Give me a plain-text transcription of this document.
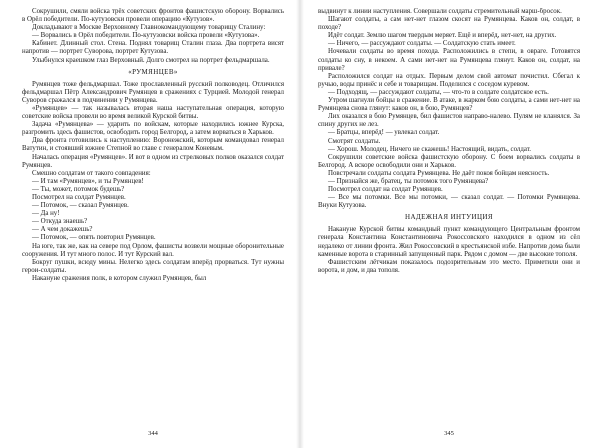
Сокрушили, смяли войска трёх советских фронтов фашистскую оборону. Ворвались в Орёл победители. По-кутузовски провели операцию «Кутузов».

Докладывают в Москве Верховному Главнокомандующему товарищу Сталину:

— Ворвались в Орёл победители. По-кутузовски войска провели «Кутузова».

Кабинет. Длинный стол. Стена. Поднял товарищ Сталин глаза. Два портрета висят напротив — портрет Суворова, портрет Кутузова.

Улыбнулся краешком глаз Верховный. Долго смотрел на портрет фельдмаршала.

«РУМЯНЦЕВ»

Румянцев тоже фельдмаршал. Тоже прославленный русский полководец. Отличился фельдмаршал Пётр Александрович Румянцев в сражениях с Турцией. Молодой генерал Суворов сражался в подчинении у Румянцева.

«Румянцев» — так называлась вторая наша наступательная операция, которую советские войска провели во время великой Курской битвы.

Задача «Румянцева» — ударить по войскам, которые находились южнее Курска, разгромить здесь фашистов, освободить город Белгород, а затем ворваться в Харьков.

Два фронта готовились к наступлению: Воронежский, которым командовал генерал Ватутин, и стоявший южнее Степной во главе с генералом Коневым.

Началась операция «Румянцев». И вот в одном из стрелковых полков оказался солдат Румянцев.

Смешно солдатам от такого совпадения:

— И там «Румянцев», и ты Румянцев!

— Ты, может, потомок будешь?

Посмотрел на солдат Румянцев.

— Потомок, — сказал Румянцев.

— Да ну!

— Откуда знаешь?

— А чем докажешь?

— Потомок, — опять повторил Румянцев.

На юге, так же, как на севере под Орлом, фашисты возвели мощные оборонительные сооружения. И тут много полос. И тут Курский вал.

Бокруг пушки, всюду мины. Нелегко здесь солдатам вперёд прорваться. Тут нужны герои-солдаты.

Накануне сражения полк, в котором служил Румянцев, был

344

выдвинут к линии наступления. Совершали солдаты стремительный марш-бросок.

Шагают солдаты, а сам нет-нет глазом скосят на Румянцева. Каков он, солдат, в походе?

Идёт солдат. Землю шагом твердым меряет. Ещё и вперёд, нет-нет, на других.

— Ничего, — рассуждают солдаты. — Солдатскую стать имеет.

Ночевали солдаты во время похода. Расположились в степи, в овраге. Готовятся солдаты ко сну, в некоем. А сами нет-нет на Румянцева глянут. Каков он, солдат, на привале?

Расположился солдат на отдых. Первым делом свой автомат почистил. Сбегал к ручью, воды принёс и себе и товарищам. Поделился с соседом куревом.

— Подходящ, — рассуждают солдаты, — что-то в солдате солдатское есть.

Утром шагнули бойцы в сражение. В атаке, в жарком бою солдаты, а сами нет-нет на Румянцева снова глянут: каков он, в бою, Румянцев?

Лих оказался в бою Румянцев, бил фашистов направо-налево. Пулям не кланялся. За спину других не лез.

— Братцы, вперёд! — увлекал солдат.

Смотрят солдаты.

— Хорош. Молодец. Ничего не скажешь! Настоящий, видать, солдат.

Сокрушили советские войска фашистскую оборону. С боем ворвались солдаты в Белгород. А вскоре освободили они и Харьков.

Повстречали солдаты солдата Румянцева. Не даёт покоя бойцам неясность.

— Признайся же, братец, ты потомок того Румянцева?

Посмотрел солдат на солдат Румянцев.

— Все мы потомки. Все мы потомки, — сказал солдат. — Потомки Румянцева. Внуки Кутузова.

НАДЕЖНАЯ ИНТУИЦИЯ

Накануне Курской битвы командный пункт командующего Центральным фронтом генерала Константина Константиновича Рокоссовского находился в одном из сёл недалеко от линии фронта. Жил Рокоссовский в крестьянской избе. Напротив дома были каменные ворота в старинный запущенный парк. Рядом с домом — две высокие тополя.

Фашистским лётчикам показалось подозрительным это место. Приметили они и ворота, и дом, и два тополя.

345
